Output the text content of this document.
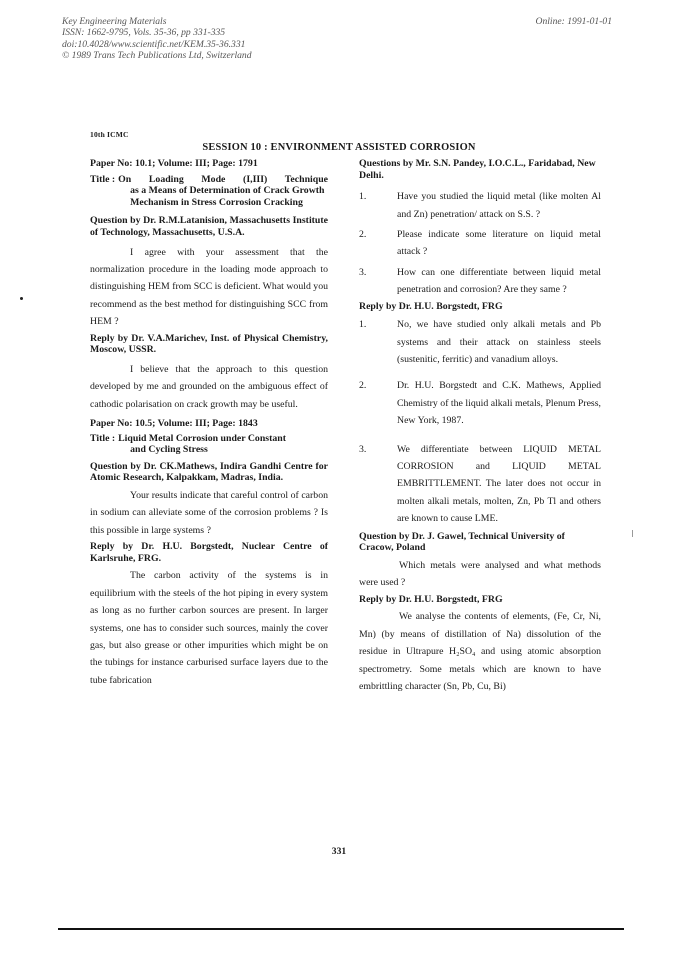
Key Engineering Materials
ISSN: 1662-9795, Vols. 35-36, pp 331-335
doi:10.4028/www.scientific.net/KEM.35-36.331
© 1989 Trans Tech Publications Ltd, Switzerland
Online: 1991-01-01
10th ICMC
SESSION 10 : ENVIRONMENT ASSISTED CORROSION
Paper No: 10.1; Volume: III; Page: 1791
Title : On Loading Mode (I,III) Technique
as a Means of Determination of Crack Growth Mechanism in Stress Corrosion Cracking
Question by Dr. R.M.Latanision, Massachusetts Institute of Technology, Massachusetts, U.S.A.

I agree with your assessment that the normalization procedure in the loading mode approach to distinguishing HEM from SCC is deficient. What would you recommend as the best method for distinguishing SCC from HEM ?

Reply by Dr. V.A.Marichev, Inst. of Physical Chemistry, Moscow, USSR.

I believe that the approach to this question developed by me and grounded on the ambiguous effect of cathodic polarisation on crack growth may be useful.

Paper No: 10.5; Volume: III; Page: 1843
Title : Liquid Metal Corrosion under Constant
and Cycling Stress
Question by Dr. CK.Mathews, Indira Gandhi Centre for Atomic Research, Kalpakkam, Madras, India.

Your results indicate that careful control of carbon in sodium can alleviate some of the corrosion problems ? Is this possible in large systems ?

Reply by Dr. H.U. Borgstedt, Nuclear Centre of Karlsruhe, FRG.

The carbon activity of the systems is in equilibrium with the steels of the hot piping in every system as long as no further carbon sources are present. In larger systems, one has to consider such sources, mainly the cover gas, but also grease or other impurities which might be on the tubings for instance carburised surface layers due to the tube fabrication

Questions by Mr. S.N. Pandey, I.O.C.L., Faridabad, New Delhi.
1.	Have you studied the liquid metal (like molten Al and Zn) penetration/ attack on S.S. ?
2.	Please indicate some literature on liquid metal attack ?
3.	How can one differentiate between liquid metal penetration and corrosion? Are they same ?
Reply by Dr. H.U. Borgstedt, FRG
1.	No, we have studied only alkali metals and Pb systems and their attack on stainless steels (sustenitic, ferritic) and vanadium alloys.
2.	Dr. H.U. Borgstedt and C.K. Mathews, Applied Chemistry of the liquid alkali metals, Plenum Press, New York, 1987.
3.	We differentiate between LIQUID METAL CORROSION and LIQUID METAL EMBRITTLEMENT. The later does not occur in molten alkali metals, molten, Zn, Pb Tl and others are known to cause LME.
Question by Dr. J. Gawel, Technical University of Cracow, Poland

Which metals were analysed and what methods were used ?

Reply by Dr. H.U. Borgstedt, FRG

We analyse the contents of elements, (Fe, Cr, Ni, Mn) (by means of distillation of Na) dissolution of the residue in Ultrapure H₂SO₄ and using atomic absorption spectrometry. Some metals which are known to have embrittling character (Sn, Pb, Cu, Bi)

331
